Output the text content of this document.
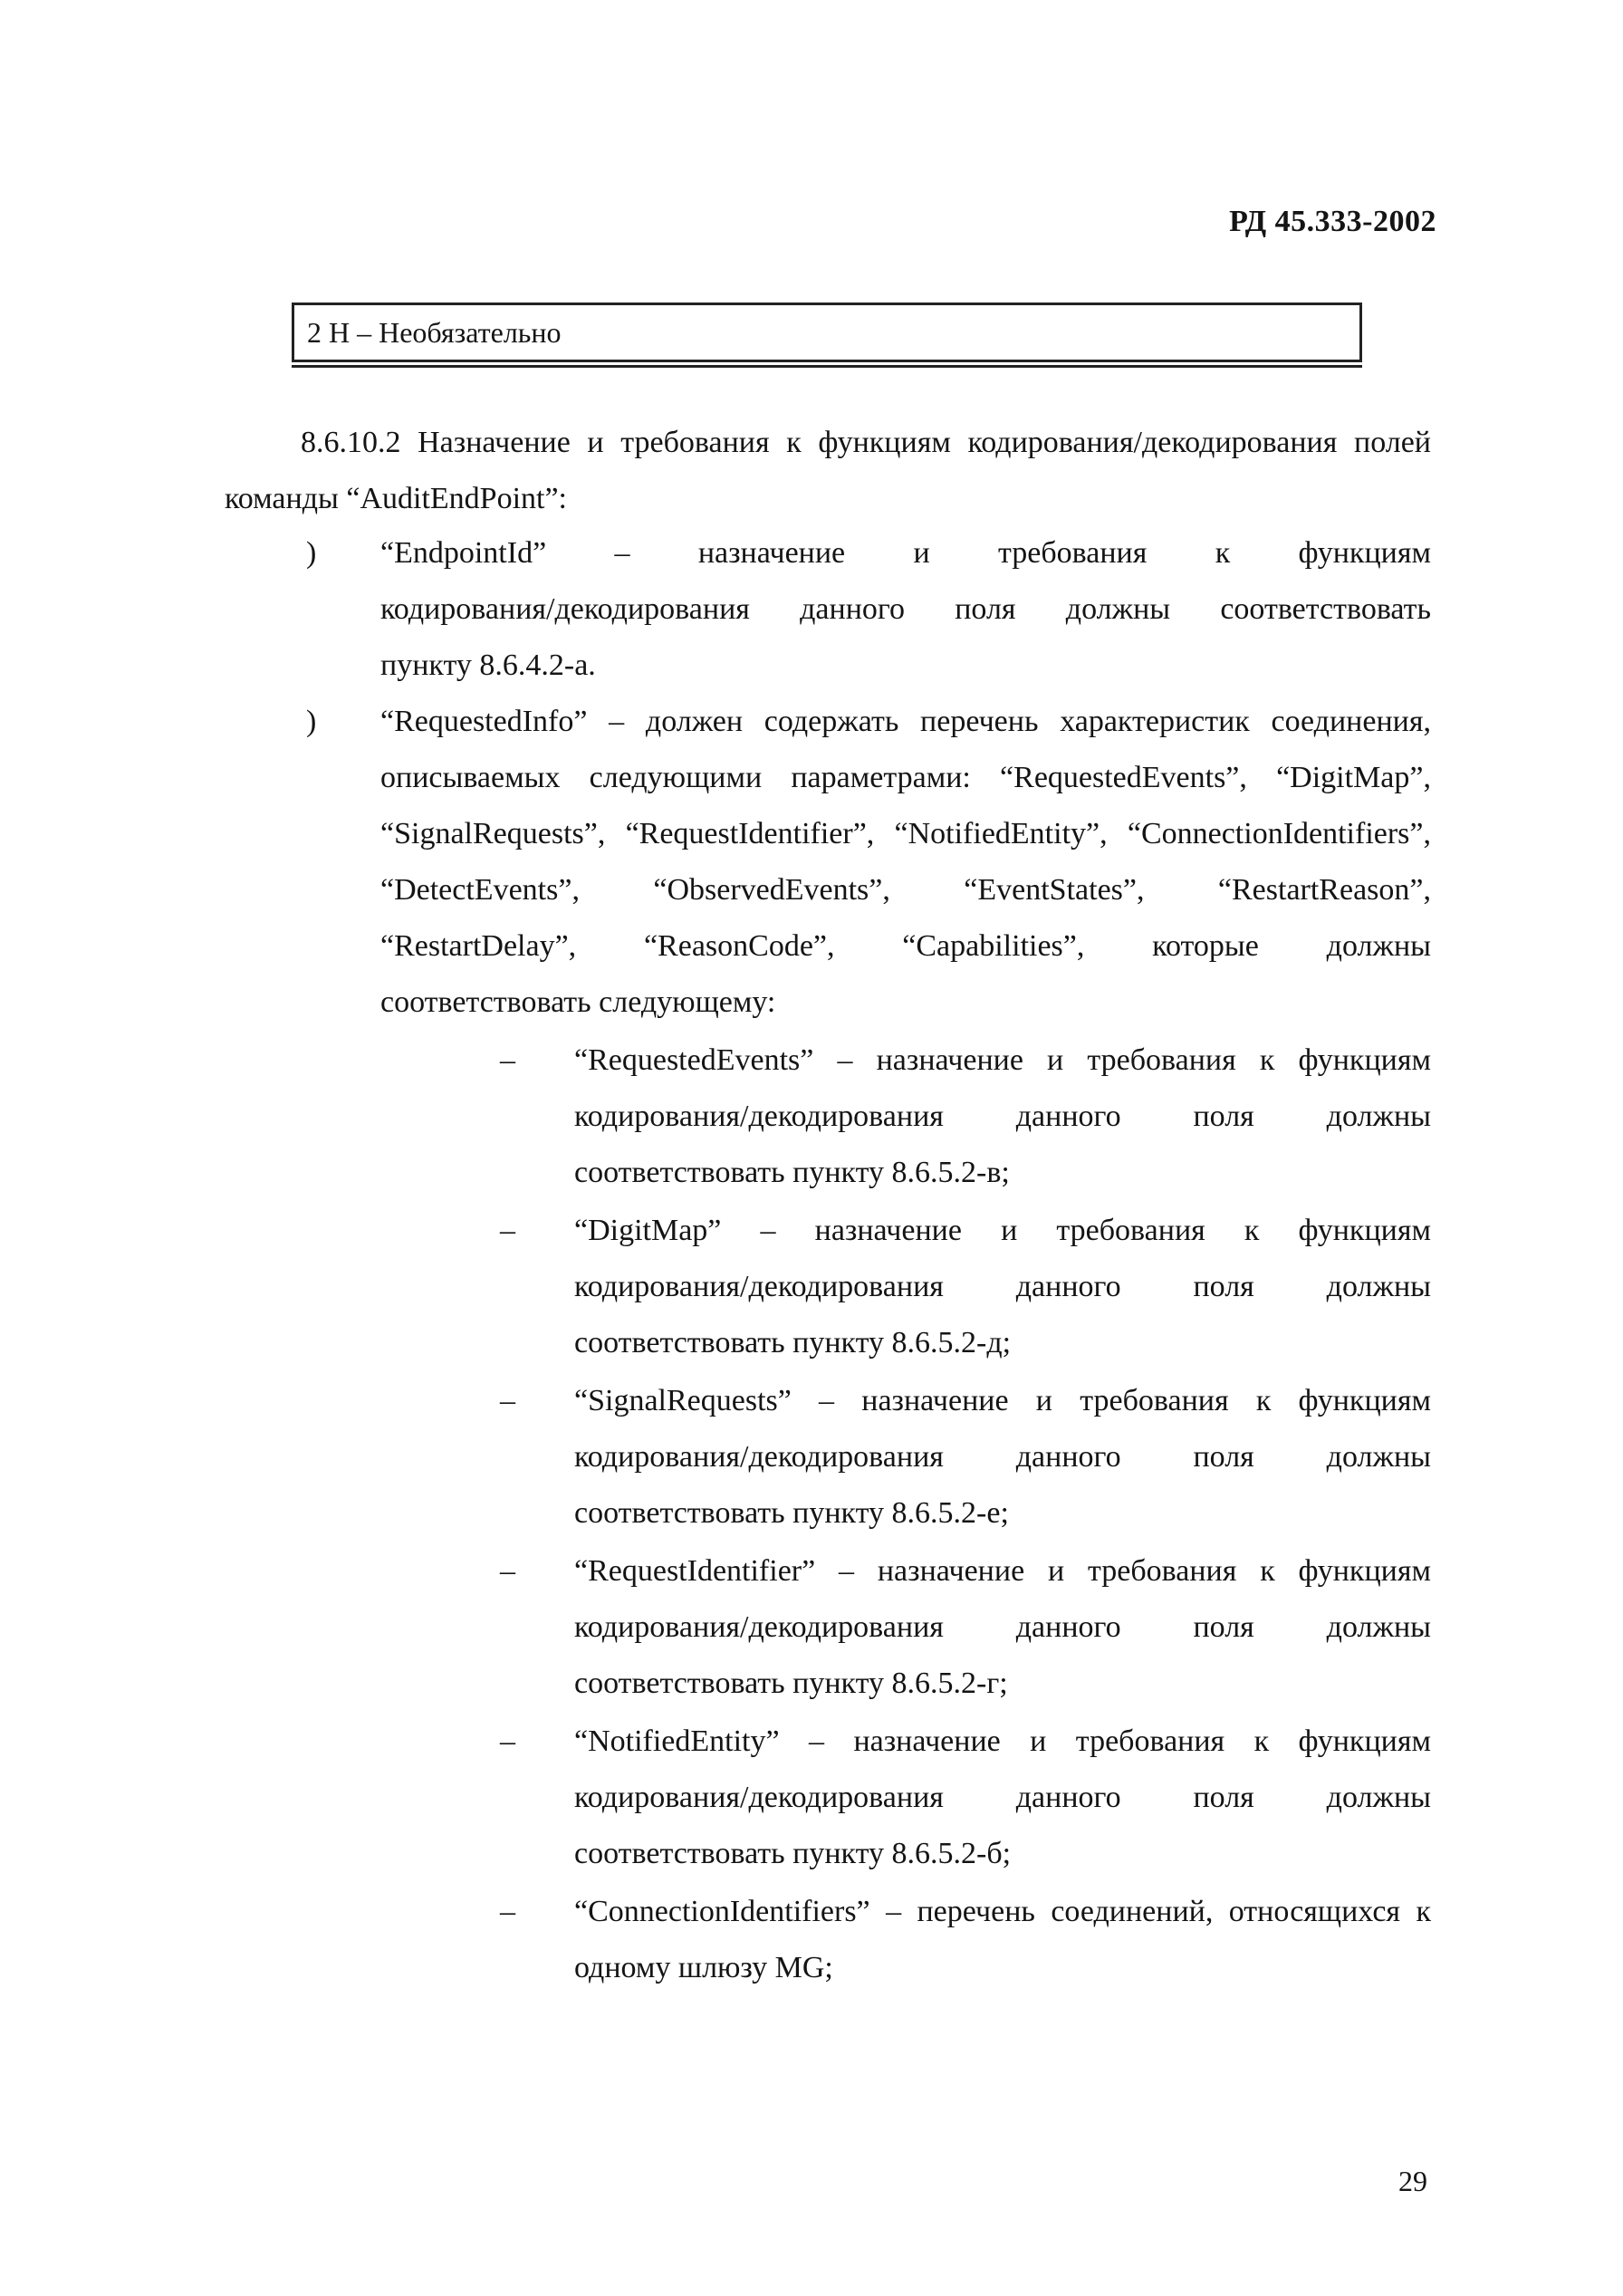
РД 45.333-2002
2 Н – Необязательно
8.6.10.2 Назначение и требования к функциям кодирования/декодирования полей
команды “AuditEndPoint”:
) “EndpointId” – назначение и требования к функциям
кодирования/декодирования данного поля должны соответствовать
пункту 8.6.4.2-а.
) “RequestedInfo” – должен содержать перечень характеристик соединения,
описываемых следующими параметрами: “RequestedEvents”, “DigitMap”,
“SignalRequests”, “RequestIdentifier”, “NotifiedEntity”, “ConnectionIdentifiers”,
“DetectEvents”, “ObservedEvents”, “EventStates”, “RestartReason”,
“RestartDelay”, “ReasonCode”, “Capabilities”, которые должны
соответствовать следующему:
– “RequestedEvents” – назначение и требования к функциям
кодирования/декодирования данного поля должны
соответствовать пункту 8.6.5.2-в;
– “DigitMap” – назначение и требования к функциям
кодирования/декодирования данного поля должны
соответствовать пункту 8.6.5.2-д;
– “SignalRequests” – назначение и требования к функциям
кодирования/декодирования данного поля должны
соответствовать пункту 8.6.5.2-е;
– “RequestIdentifier” – назначение и требования к функциям
кодирования/декодирования данного поля должны
соответствовать пункту 8.6.5.2-г;
– “NotifiedEntity” – назначение и требования к функциям
кодирования/декодирования данного поля должны
соответствовать пункту 8.6.5.2-б;
– “ConnectionIdentifiers” – перечень соединений, относящихся к
одному шлюзу MG;
29
